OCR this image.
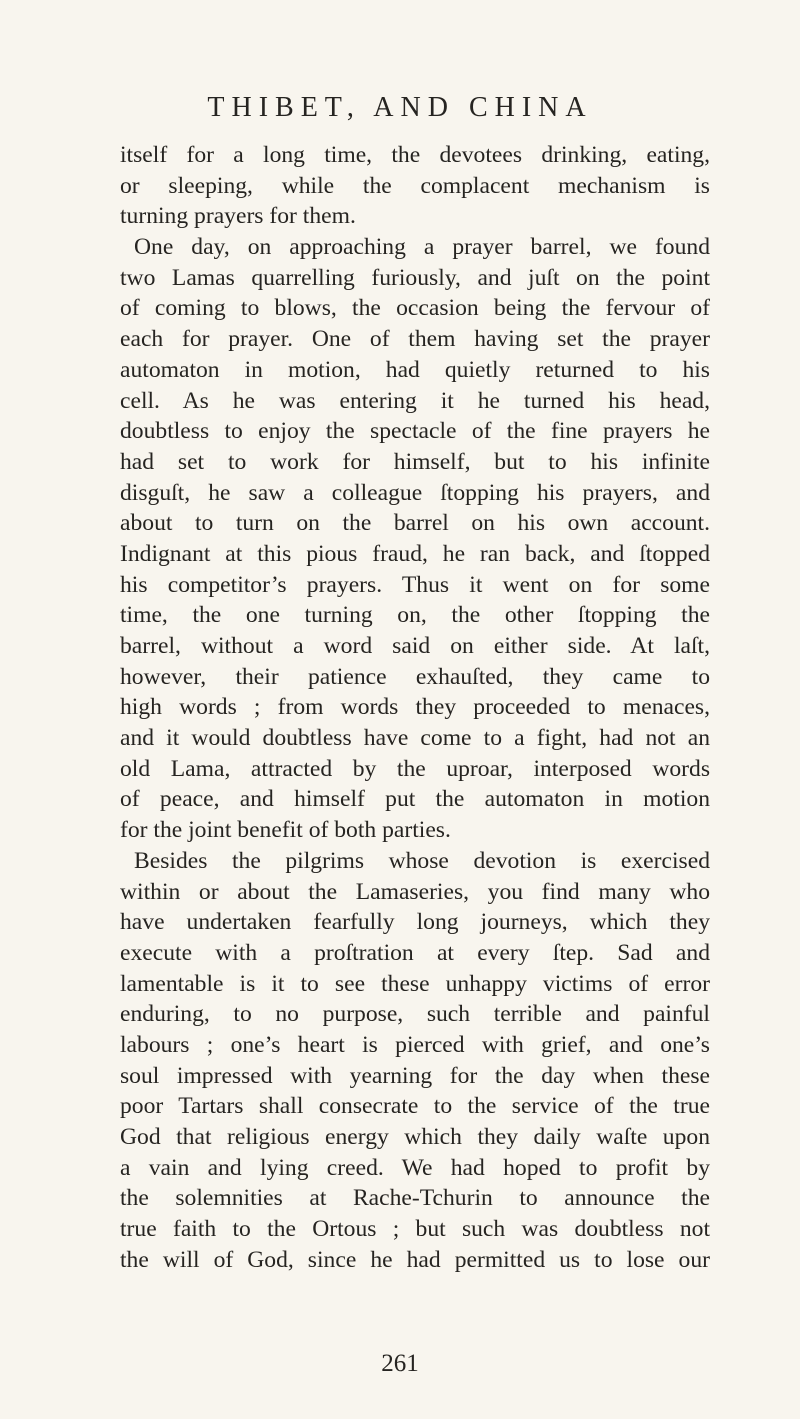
THIBET, AND CHINA
itself for a long time, the devotees drinking, eating,
or sleeping, while the complacent mechanism is
turning prayers for them.
One day, on approaching a prayer barrel, we found
two Lamas quarrelling furiously, and juſt on the point
of coming to blows, the occasion being the fervour of
each for prayer. One of them having set the prayer
automaton in motion, had quietly returned to his
cell. As he was entering it he turned his head,
doubtless to enjoy the spectacle of the fine prayers he
had set to work for himself, but to his infinite
disguſt, he saw a colleague ſtopping his prayers, and
about to turn on the barrel on his own account.
Indignant at this pious fraud, he ran back, and ſtopped
his competitor’s prayers. Thus it went on for some
time, the one turning on, the other ſtopping the
barrel, without a word said on either side. At laſt,
however, their patience exhauſted, they came to
high words ; from words they proceeded to menaces,
and it would doubtless have come to a fight, had not an
old Lama, attracted by the uproar, interposed words
of peace, and himself put the automaton in motion
for the joint benefit of both parties.
Besides the pilgrims whose devotion is exercised
within or about the Lamaseries, you find many who
have undertaken fearfully long journeys, which they
execute with a proſtration at every ſtep. Sad and
lamentable is it to see these unhappy victims of error
enduring, to no purpose, such terrible and painful
labours ; one’s heart is pierced with grief, and one’s
soul impressed with yearning for the day when these
poor Tartars shall consecrate to the service of the true
God that religious energy which they daily waſte upon
a vain and lying creed. We had hoped to profit by
the solemnities at Rache-Tchurin to announce the
true faith to the Ortous ; but such was doubtless not
the will of God, since he had permitted us to lose our
261
